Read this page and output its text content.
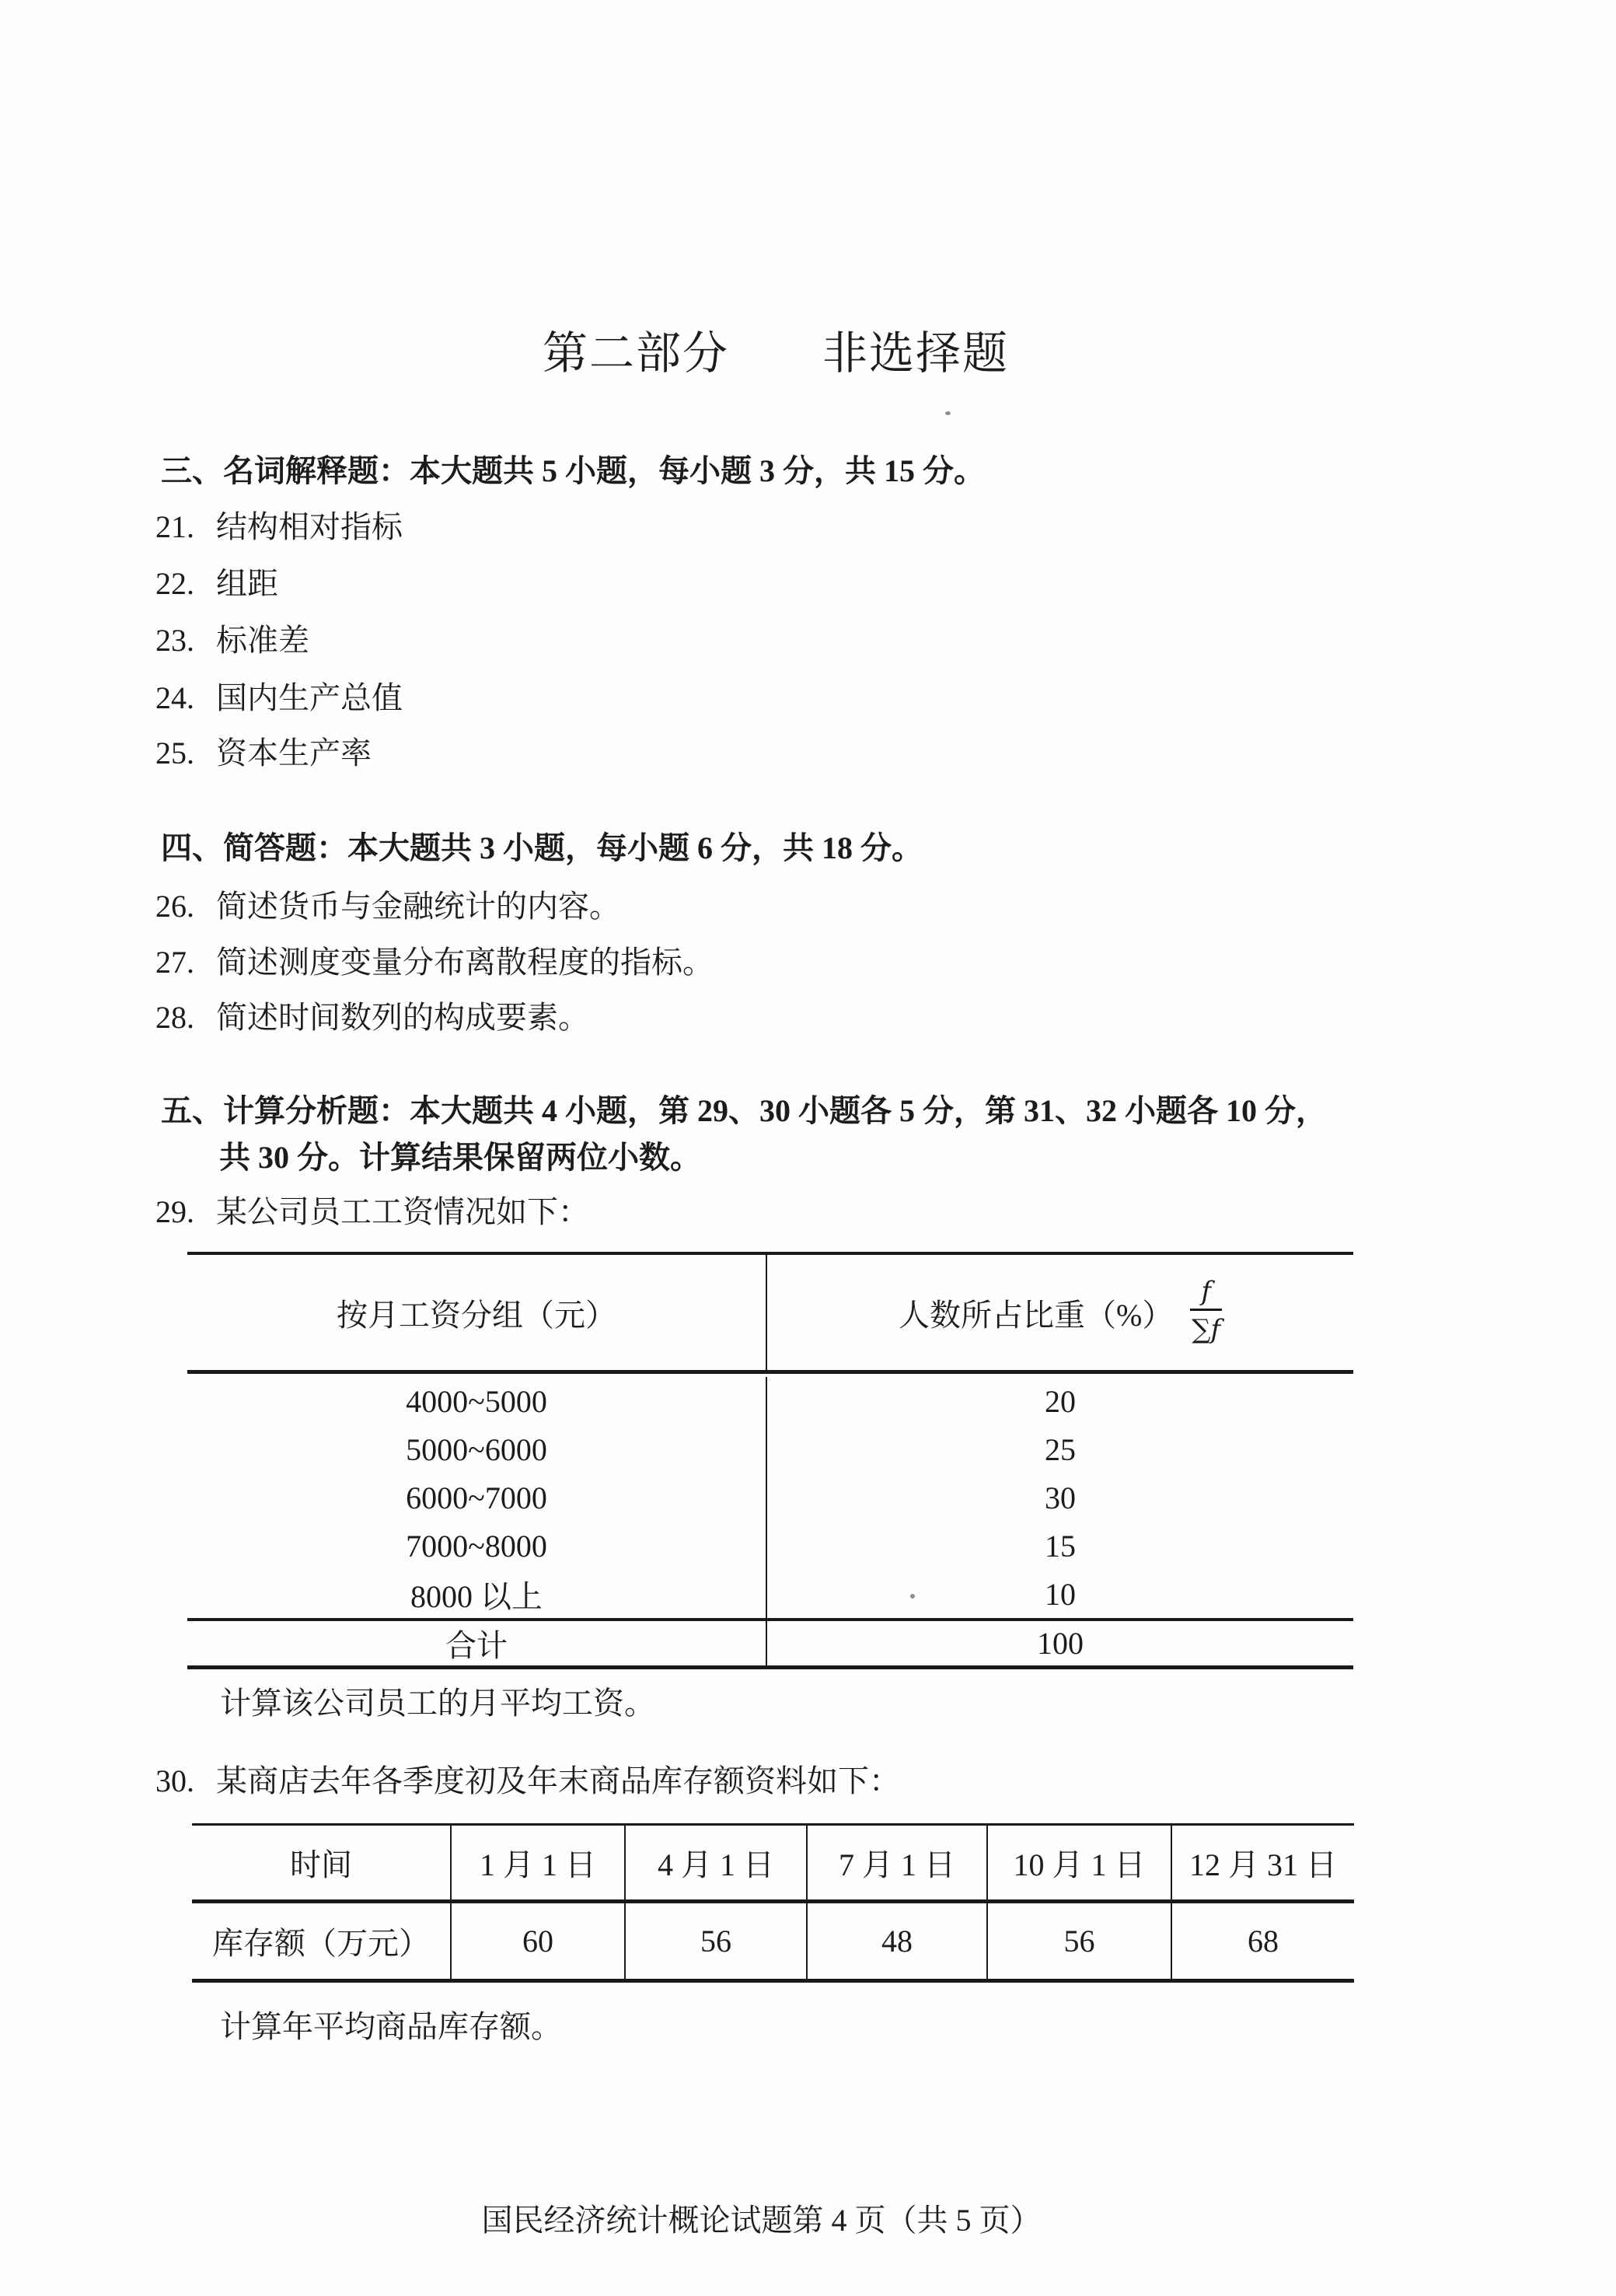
第二部分　　非选择题
三、名词解释题：本大题共 5 小题，每小题 3 分，共 15 分。
21. 结构相对指标
22. 组距
23. 标准差
24. 国内生产总值
25. 资本生产率
四、简答题：本大题共 3 小题，每小题 6 分，共 18 分。
26. 简述货币与金融统计的内容。
27. 简述测度变量分布离散程度的指标。
28. 简述时间数列的构成要素。
五、计算分析题：本大题共 4 小题，第 29、30 小题各 5 分，第 31、32 小题各 10 分，
共 30 分。计算结果保留两位小数。
29. 某公司员工工资情况如下：
按月工资分组（元）	人数所占比重（%） $\frac{f}{\sum f}$
4000~5000	20
5000~6000	25
6000~7000	30
7000~8000	15
8000 以上	10
合计	100
计算该公司员工的月平均工资。
30. 某商店去年各季度初及年末商品库存额资料如下：
时间	1 月 1 日	4 月 1 日	7 月 1 日	10 月 1 日	12 月 31 日
库存额（万元）	60	56	48	56	68
计算年平均商品库存额。
国民经济统计概论试题第 4 页（共 5 页）
